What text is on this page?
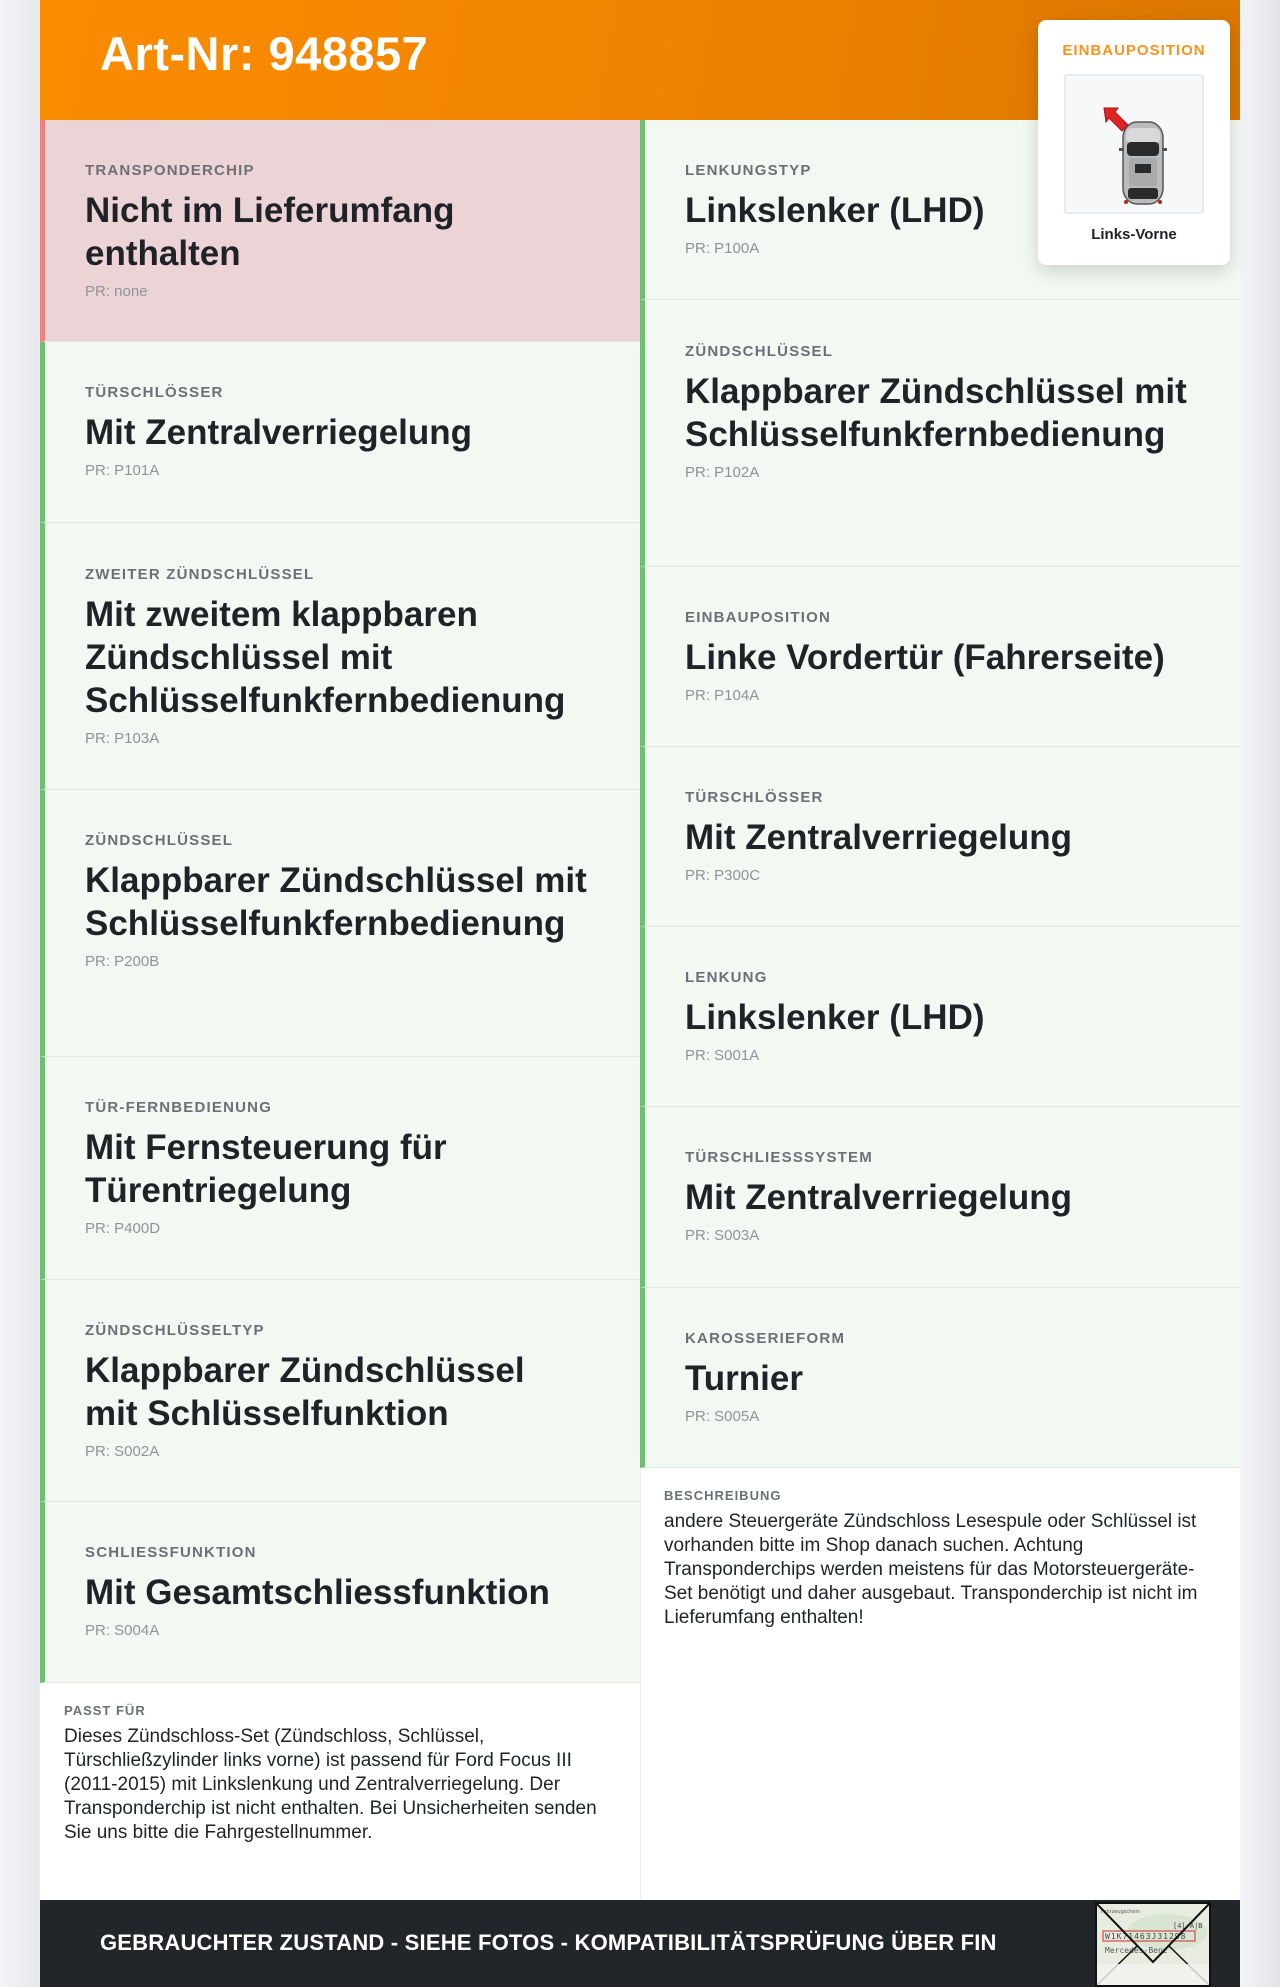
Art-Nr: 948857	EINBAUPOSITION
Links-Vorne
TRANSPONDERCHIP
Nicht im Lieferumfang enthalten
PR: none
TÜRSCHLÖSSER
Mit Zentralverriegelung
PR: P101A
ZWEITER ZÜNDSCHLÜSSEL
Mit zweitem klappbaren Zündschlüssel mit Schlüsselfunkfernbedienung
PR: P103A
ZÜNDSCHLÜSSEL
Klappbarer Zündschlüssel mit Schlüsselfunkfernbedienung
PR: P200B
TÜR-FERNBEDIENUNG
Mit Fernsteuerung für Türentriegelung
PR: P400D
ZÜNDSCHLÜSSELTYP
Klappbarer Zündschlüssel mit Schlüsselfunktion
PR: S002A
SCHLIESSFUNKTION
Mit Gesamtschliessfunktion
PR: S004A
PASST FÜR
Dieses Zündschloss-Set (Zündschloss, Schlüssel, Türschließzylinder links vorne) ist passend für Ford Focus III (2011-2015) mit Linkslenkung und Zentralverriegelung. Der Transponderchip ist nicht enthalten. Bei Unsicherheiten senden Sie uns bitte die Fahrgestellnummer.
LENKUNGSTYP
Linkslenker (LHD)
PR: P100A
ZÜNDSCHLÜSSEL
Klappbarer Zündschlüssel mit Schlüsselfunkfernbedienung
PR: P102A
EINBAUPOSITION
Linke Vordertür (Fahrerseite)
PR: P104A
TÜRSCHLÖSSER
Mit Zentralverriegelung
PR: P300C
LENKUNG
Linkslenker (LHD)
PR: S001A
TÜRSCHLIESSSYSTEM
Mit Zentralverriegelung
PR: S003A
KAROSSERIEFORM
Turnier
PR: S005A
BESCHREIBUNG
andere Steuergeräte Zündschloss Lesespule oder Schlüssel ist vorhanden bitte im Shop danach suchen. Achtung Transponderchips werden meistens für das Motorsteuergeräte-Set benötigt und daher ausgebaut. Transponderchip ist nicht im Lieferumfang enthalten!
GEBRAUCHTER ZUSTAND - SIEHE FOTOS - KOMPATIBILITÄTSPRÜFUNG ÜBER FIN
Fahrzeugschein
[4] A|B
W1K71463J31298
Mercedes-Benz
